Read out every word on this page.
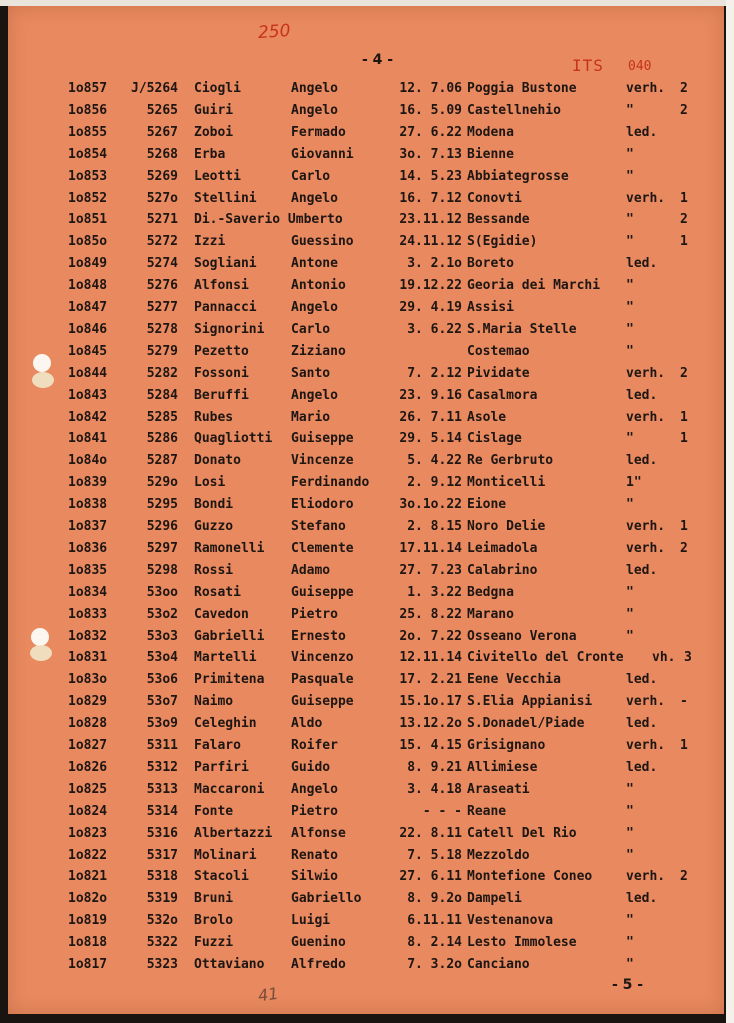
250
- 4 -	ITS 040
1o857	J/5264 Ciogli	Angelo	12. 7.06 Poggia Bustone	verh. 2
1o856	5265 Guiri	Angelo	16. 5.09 Castellnehio	"	2
1o855	5267 Zoboi	Fermado	27. 6.22 Modena	led.
1o854	5268 Erba	Giovanni	3o. 7.13 Bienne	"
1o853	5269 Leotti	Carlo	14. 5.23 Abbiategrosse	"
1o852	527o Stellini	Angelo	16. 7.12 Conovti	verh. 1
1o851	5271 Di.-Saverio Umberto	23.11.12 Bessande	"	2
1o85o	5272 Izzi	Guessino	24.11.12 S(Egidie)	"	1
1o849	5274 Sogliani	Antone	3. 2.1o Boreto	led.
1o848	5276 Alfonsi	Antonio	19.12.22 Georia dei Marchi "
1o847	5277 Pannacci	Angelo	29. 4.19 Assisi	"
1o846	5278 Signorini Carlo	3. 6.22 S.Maria Stelle	"
1o845	5279 Pezetto	Ziziano	Costemao	"
1o844	5282 Fossoni	Santo	7. 2.12 Pividate	verh. 2
1o843	5284 Beruffi	Angelo	23. 9.16 Casalmora	led.
1o842	5285 Rubes	Mario	26. 7.11 Asole	verh. 1
1o841	5286 Quagliotti Guiseppe	29. 5.14 Cislage	"	1
1o84o	5287 Donato	Vincenze	5. 4.22 Re Gerbruto	led.
1o839	529o Losi	Ferdinando	2. 9.12 Monticelli	1"
1o838	5295 Bondi	Eliodoro	3o.1o.22 Eione	"
1o837	5296 Guzzo	Stefano	2. 8.15 Noro Delie	verh. 1
1o836	5297 Ramonelli Clemente	17.11.14 Leimadola	verh. 2
1o835	5298 Rossi	Adamo	27. 7.23 Calabrino	led.
1o834	53oo Rosati	Guiseppe	1. 3.22 Bedgna	"
1o833	53o2 Cavedon	Pietro	25. 8.22 Marano	"
1o832	53o3 Gabrielli Ernesto	2o. 7.22 Osseano Verona	"
1o831	53o4 Martelli	Vincenzo	12.11.14 Civitello del Cronte vh. 3
1o83o	53o6 Primitena Pasquale	17. 2.21 Eene Vecchia	led.
1o829	53o7 Naimo	Guiseppe	15.1o.17 S.Elia Appianisi	verh. -
1o828	53o9 Celeghin	Aldo	13.12.2o S.Donadel/Piade	led.
1o827	5311 Falaro	Roifer	15. 4.15 Grisignano	verh. 1
1o826	5312 Parfiri	Guido	8. 9.21 Allimiese	led.
1o825	5313 Maccaroni Angelo	3. 4.18 Araseati	"
1o824	5314 Fonte	Pietro	- - - Reane	"
1o823	5316 Albertazzi Alfonse	22. 8.11 Catell Del Rio	"
1o822	5317 Molinari	Renato	7. 5.18 Mezzoldo	"
1o821	5318 Stacoli	Silwio	27. 6.11 Montefione Coneo	verh. 2
1o82o	5319 Bruni	Gabriello	8. 9.2o Dampeli	led.
1o819	532o Brolo	Luigi	6.11.11 Vestenanova	"
1o818	5322 Fuzzi	Guenino	8. 2.14 Lesto Immolese	"
1o817	5323 Ottaviano Alfredo	7. 3.2o Canciano	"
- 5 -
41
